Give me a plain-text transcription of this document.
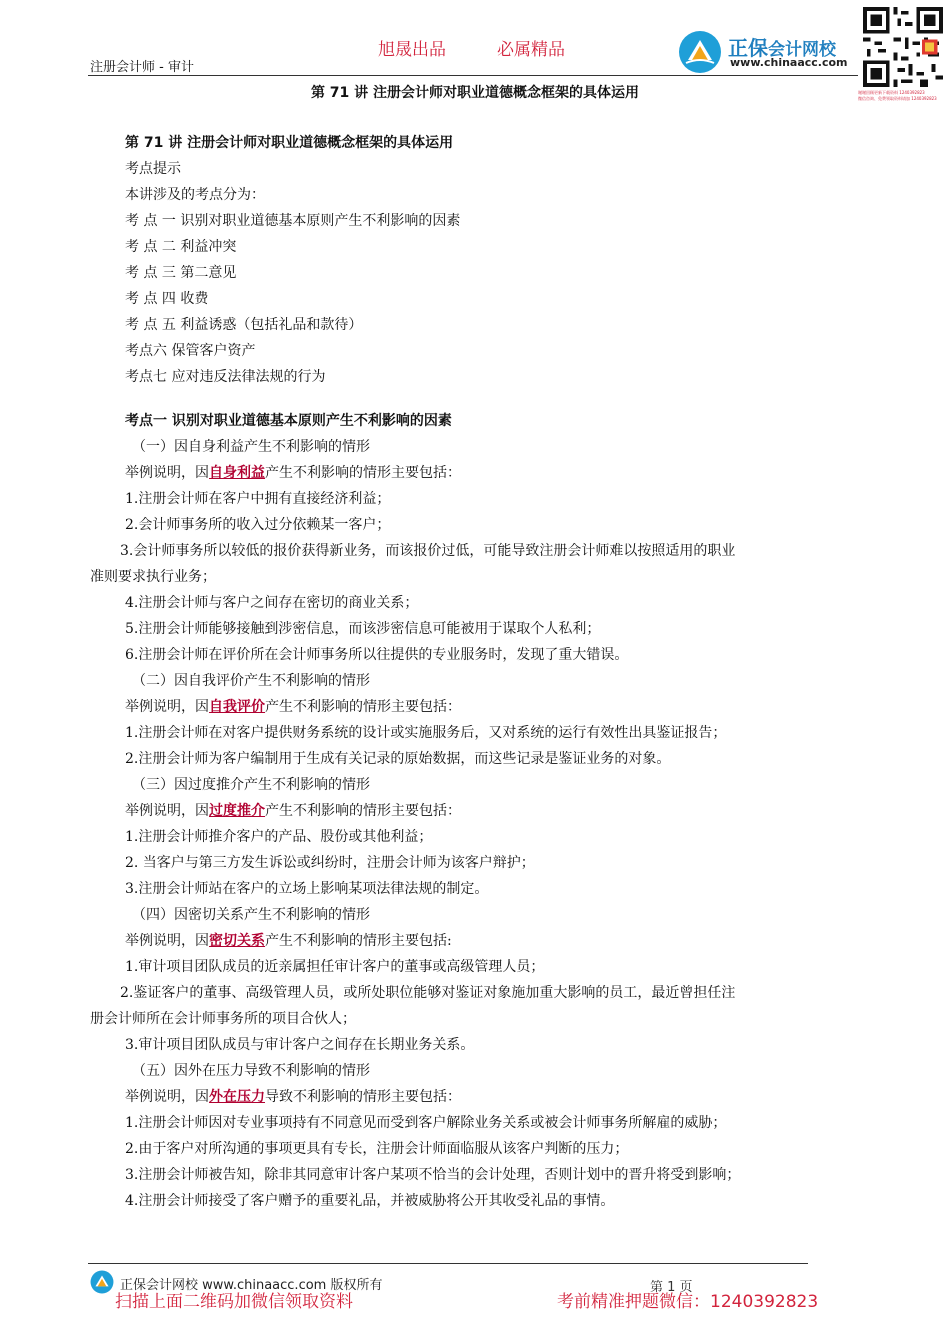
旭晟出品	必属精品
注册会计师 - 审计
正保会计网校
www.chinaacc.com
谢谢回顾更新下载资料 1240392823
微信咨询、免费领取资料请加 1240392823
第 71 讲 注册会计师对职业道德概念框架的具体运用
第 71 讲 注册会计师对职业道德概念框架的具体运用
考点提示
本讲涉及的考点分为：
考 点 一 识别对职业道德基本原则产生不利影响的因素
考 点 二 利益冲突
考 点 三 第二意见
考 点 四 收费
考 点 五 利益诱惑（包括礼品和款待）
考点六 保管客户资产
考点七 应对违反法律法规的行为
考点一 识别对职业道德基本原则产生不利影响的因素
（一）因自身利益产生不利影响的情形
举例说明，因自身利益产生不利影响的情形主要包括：
1.注册会计师在客户中拥有直接经济利益；
2.会计师事务所的收入过分依赖某一客户；
3.会计师事务所以较低的报价获得新业务，而该报价过低，可能导致注册会计师难以按照适用的职业
准则要求执行业务；
4.注册会计师与客户之间存在密切的商业关系；
5.注册会计师能够接触到涉密信息，而该涉密信息可能被用于谋取个人私利；
6.注册会计师在评价所在会计师事务所以往提供的专业服务时，发现了重大错误。
（二）因自我评价产生不利影响的情形
举例说明，因自我评价产生不利影响的情形主要包括：
1.注册会计师在对客户提供财务系统的设计或实施服务后，又对系统的运行有效性出具鉴证报告；
2.注册会计师为客户编制用于生成有关记录的原始数据，而这些记录是鉴证业务的对象。
（三）因过度推介产生不利影响的情形
举例说明，因过度推介产生不利影响的情形主要包括：
1.注册会计师推介客户的产品、股份或其他利益；
2. 当客户与第三方发生诉讼或纠纷时，注册会计师为该客户辩护；
3.注册会计师站在客户的立场上影响某项法律法规的制定。
（四）因密切关系产生不利影响的情形
举例说明，因密切关系产生不利影响的情形主要包括:
1.审计项目团队成员的近亲属担任审计客户的董事或高级管理人员；
2.鉴证客户的董事、高级管理人员，或所处职位能够对鉴证对象施加重大影响的员工，最近曾担任注
册会计师所在会计师事务所的项目合伙人；
3.审计项目团队成员与审计客户之间存在长期业务关系。
（五）因外在压力导致不利影响的情形
举例说明，因外在压力导致不利影响的情形主要包括：
1.注册会计师因对专业事项持有不同意见而受到客户解除业务关系或被会计师事务所解雇的威胁；
2.由于客户对所沟通的事项更具有专长，注册会计师面临服从该客户判断的压力；
3.注册会计师被告知，除非其同意审计客户某项不恰当的会计处理，否则计划中的晋升将受到影响；
4.注册会计师接受了客户赠予的重要礼品，并被威胁将公开其收受礼品的事情。
正保会计网校 www.chinaacc.com 版权所有	第 1 页
扫描上面二维码加微信领取资料	考前精准押题微信：1240392823
